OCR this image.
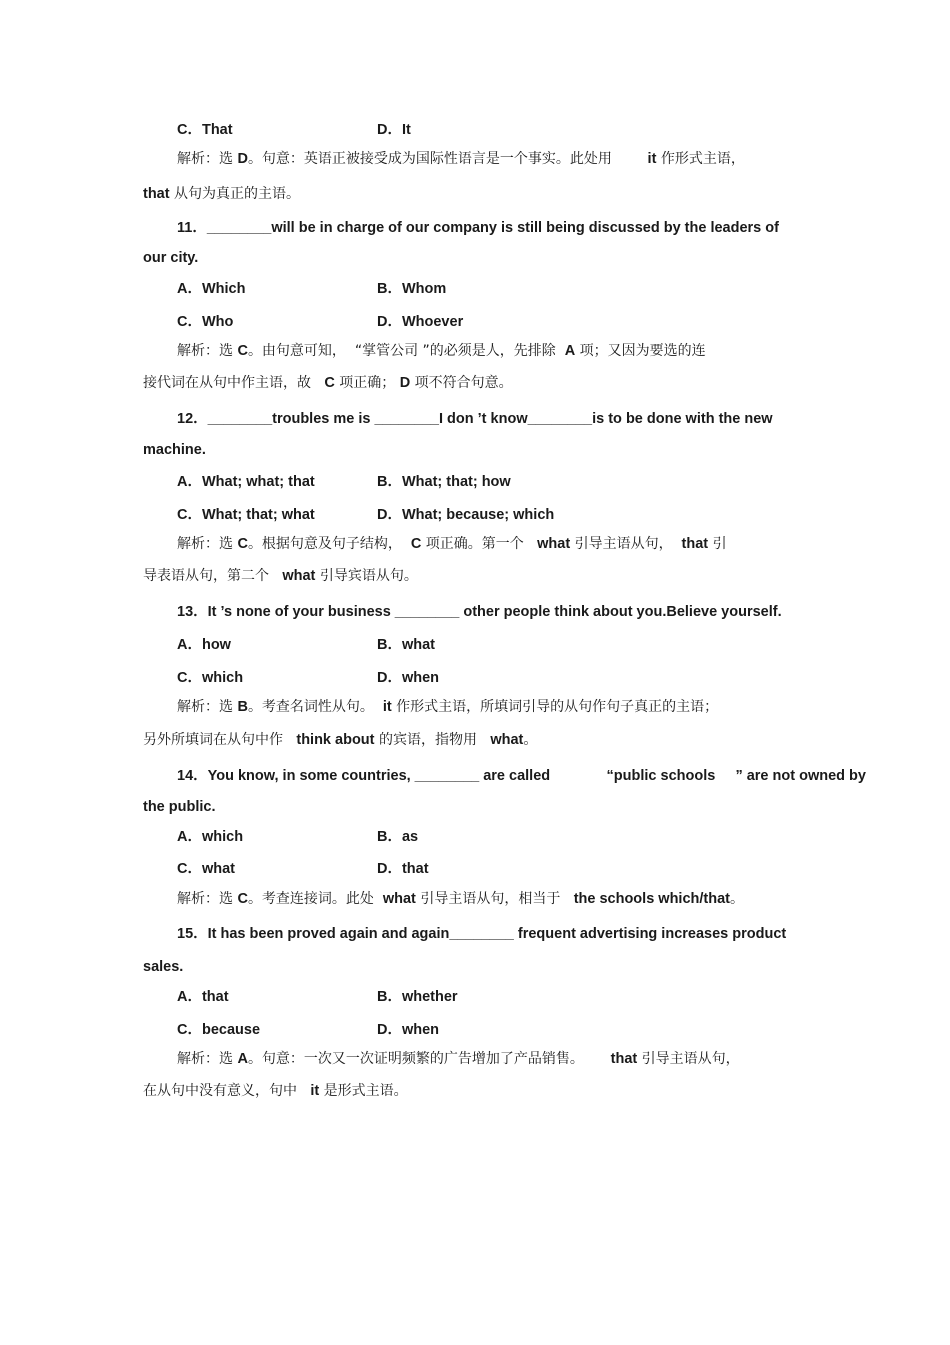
C．That	D．It
解析：选 D。句意：英语正被接受成为国际性语言是一个事实。此处用        it 作形式主语，
that 从句为真正的主语。
11．________will be in charge of our company is still being discussed by the leaders of
our city.
A．Which	B．Whom
C．Who	D．Whoever
解析：选 C。由句意可知，  “掌管公司 ”的必须是人，先排除  A 项；又因为要选的连
接代词在从句中作主语，故   C 项正确； D 项不符合句意。
12．________troubles me is ________I don ’t know________is to be done with the new
machine.
A．What; what; that	B．What; that; how
C．What; that; what	D．What; because; which
解析：选 C。根据句意及句子结构，  C 项正确。第一个   what 引导主语从句，  that 引
导表语从句，第二个   what 引导宾语从句。
13．It ’s none of your business ________ other people think about you.Believe yourself.
A．how	B．what
C．which	D．when
解析：选 B。考查名词性从句。  it 作形式主语，所填词引导的从句作句子真正的主语；
另外所填词在从句中作   think about 的宾语，指物用   what。
14．You know, in some countries, ________ are called              “public schools     ” are not owned by
the public.
A．which	B．as
C．what	D．that
解析：选 C。考查连接词。此处  what 引导主语从句，相当于   the schools which/that。
15．It has been proved again and again________ frequent advertising increases product
sales.
A．that	B．whether
C．because	D．when
解析：选 A。句意：一次又一次证明频繁的广告增加了产品销售。      that 引导主语从句，
在从句中没有意义，句中   it 是形式主语。
